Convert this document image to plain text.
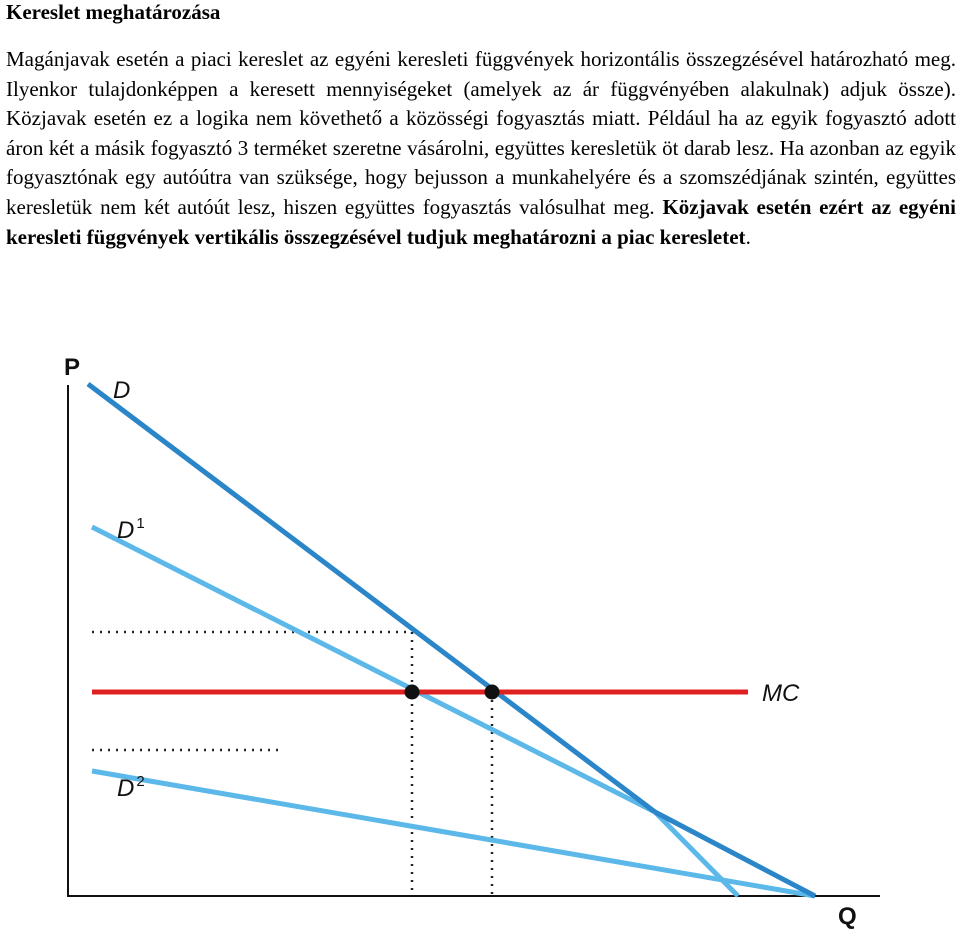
Kereslet meghatározása

Magánjavak esetén a piaci kereslet az egyéni keresleti függvények horizontális összegzésével határozható meg. Ilyenkor tulajdonképpen a keresett mennyiségeket (amelyek az ár függvényében alakulnak) adjuk össze). Közjavak esetén ez a logika nem követhető a közösségi fogyasztás miatt. Például ha az egyik fogyasztó adott áron két a másik fogyasztó 3 terméket szeretne vásárolni, együttes keresletük öt darab lesz. Ha azonban az egyik fogyasztónak egy autóútra van szüksége, hogy bejusson a munkahelyére és a szomszédjának szintén, együttes keresletük nem két autóút lesz, hiszen együttes fogyasztás valósulhat meg. Közjavak esetén ezért az egyéni keresleti függvények vertikális összegzésével tudjuk meghatározni a piac keresletet.

P
Q
D
D $^1$
D $^2$
MC
